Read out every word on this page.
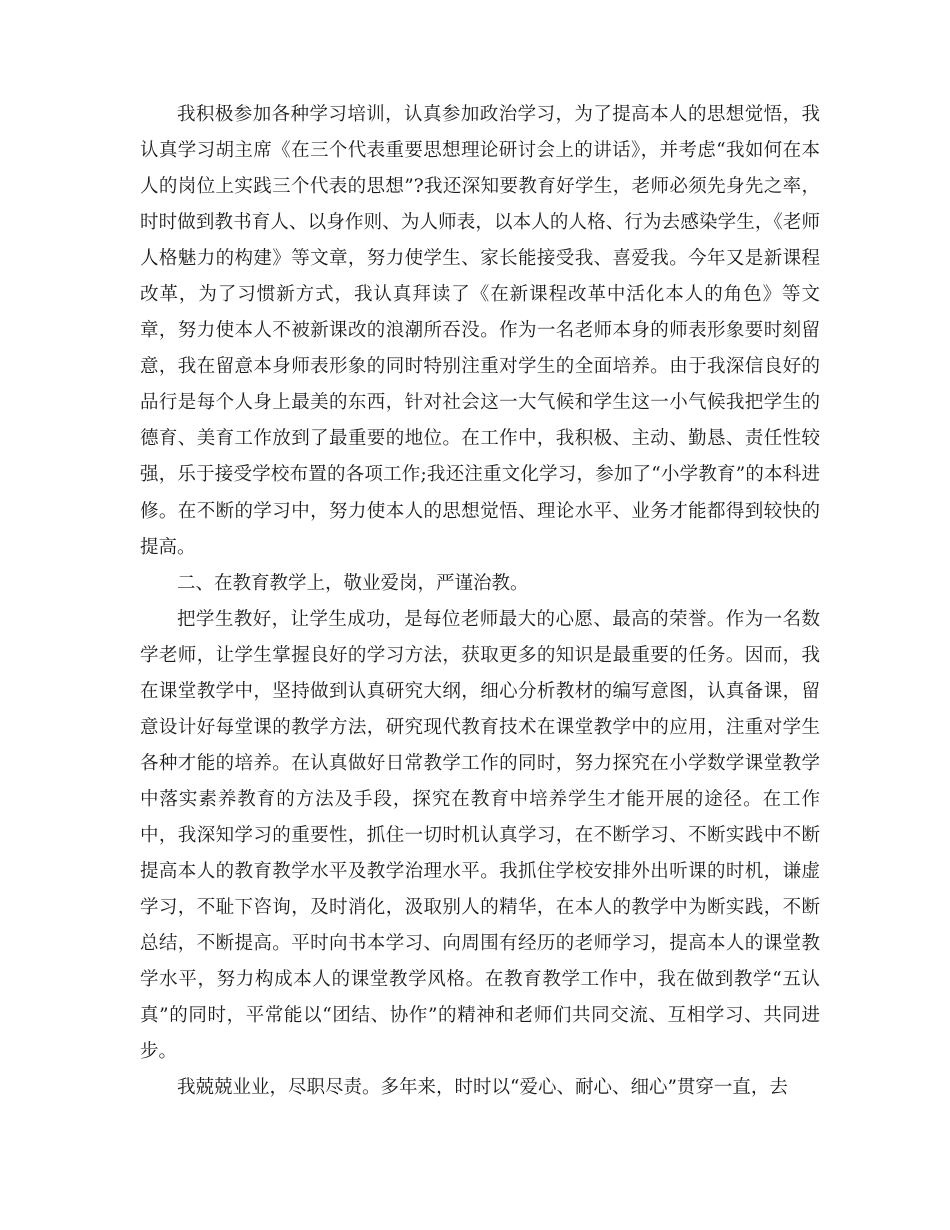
我积极参加各种学习培训，认真参加政治学习，为了提高本人的思想觉悟，我认真学习胡主席《在三个代表重要思想理论研讨会上的讲话》，并考虑“我如何在本人的岗位上实践三个代表的思想”?我还深知要教育好学生，老师必须先身先之率，时时做到教书育人、以身作则、为人师表，以本人的人格、行为去感染学生，《老师人格魅力的构建》等文章，努力使学生、家长能接受我、喜爱我。今年又是新课程改革，为了习惯新方式，我认真拜读了《在新课程改革中活化本人的角色》等文章，努力使本人不被新课改的浪潮所吞没。作为一名老师本身的师表形象要时刻留意，我在留意本身师表形象的同时特别注重对学生的全面培养。由于我深信良好的品行是每个人身上最美的东西，针对社会这一大气候和学生这一小气候我把学生的德育、美育工作放到了最重要的地位。在工作中，我积极、主动、勤恳、责任性较强，乐于接受学校布置的各项工作;我还注重文化学习，参加了“小学教育”的本科进修。在不断的学习中，努力使本人的思想觉悟、理论水平、业务才能都得到较快的提高。

二、在教育教学上，敬业爱岗，严谨治教。

把学生教好，让学生成功，是每位老师最大的心愿、最高的荣誉。作为一名数学老师，让学生掌握良好的学习方法，获取更多的知识是最重要的任务。因而，我在课堂教学中，坚持做到认真研究大纲，细心分析教材的编写意图，认真备课，留意设计好每堂课的教学方法，研究现代教育技术在课堂教学中的应用，注重对学生各种才能的培养。在认真做好日常教学工作的同时，努力探究在小学数学课堂教学中落实素养教育的方法及手段，探究在教育中培养学生才能开展的途径。在工作中，我深知学习的重要性，抓住一切时机认真学习，在不断学习、不断实践中不断提高本人的教育教学水平及教学治理水平。我抓住学校安排外出听课的时机，谦虚学习，不耻下咨询，及时消化，汲取别人的精华，在本人的教学中为断实践，不断总结，不断提高。平时向书本学习、向周围有经历的老师学习，提高本人的课堂教学水平，努力构成本人的课堂教学风格。在教育教学工作中，我在做到教学“五认真”的同时，平常能以“团结、协作”的精神和老师们共同交流、互相学习、共同进步。

我兢兢业业，尽职尽责。多年来，时时以“爱心、耐心、细心”贯穿一直，去
